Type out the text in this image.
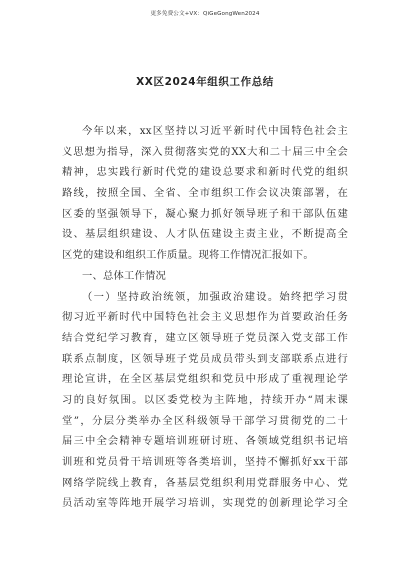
更多免费公文+VX：QiGeGongWen2024
XX区2024年组织工作总结
今年以来，xx区坚持以习近平新时代中国特色社会主
义思想为指导，深入贯彻落实党的XX大和二十届三中全会
精神，忠实践行新时代党的建设总要求和新时代党的组织
路线，按照全国、全省、全市组织工作会议决策部署，在
区委的坚强领导下，凝心聚力抓好领导班子和干部队伍建
设、基层组织建设、人才队伍建设主责主业，不断提高全
区党的建设和组织工作质量。现将工作情况汇报如下。
一、总体工作情况
（一）坚持政治统领，加强政治建设。始终把学习贯
彻习近平新时代中国特色社会主义思想作为首要政治任务
结合党纪学习教育，建立区领导班子党员深入党支部工作
联系点制度，区领导班子党员成员带头到支部联系点进行
理论宣讲，在全区基层党组织和党员中形成了重视理论学
习的良好氛围。以区委党校为主阵地，持续开办“周末课
堂”，分层分类举办全区科级领导干部学习贯彻党的二十
届三中全会精神专题培训班研讨班、各领域党组织书记培
训班和党员骨干培训班等各类培训，坚持不懈抓好xx干部
网络学院线上教育，各基层党组织利用党群服务中心、党
员活动室等阵地开展学习培训，实现党的创新理论学习全
